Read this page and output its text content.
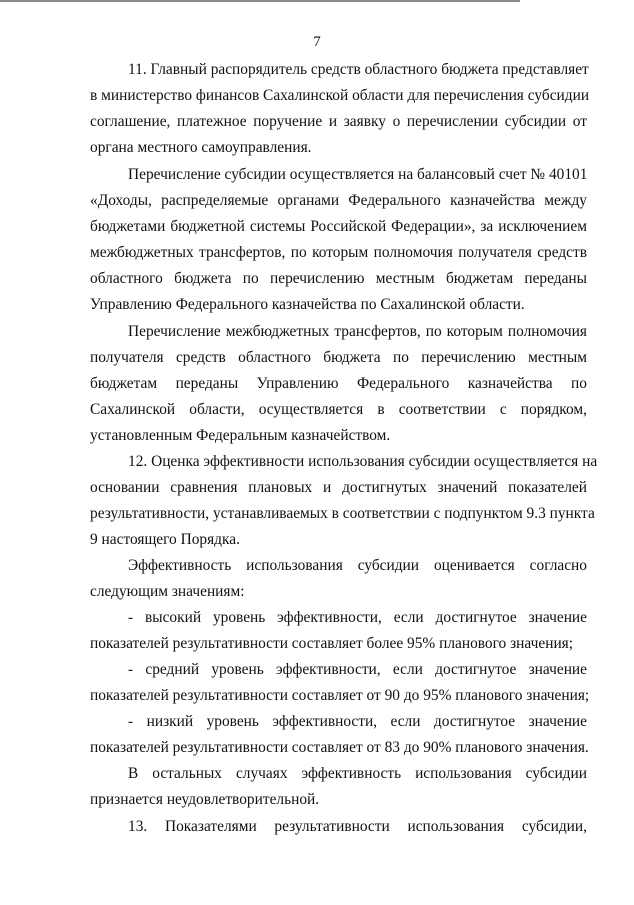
7
11. Главный распорядитель средств областного бюджета представляет
в министерство финансов Сахалинской области для перечисления субсидии
соглашение, платежное поручение и заявку о перечислении субсидии от
органа местного самоуправления.
Перечисление субсидии осуществляется на балансовый счет № 40101
«Доходы, распределяемые органами Федерального казначейства между
бюджетами бюджетной системы Российской Федерации», за исключением
межбюджетных трансфертов, по которым полномочия получателя средств
областного бюджета по перечислению местным бюджетам переданы
Управлению Федерального казначейства по Сахалинской области.
Перечисление межбюджетных трансфертов, по которым полномочия
получателя средств областного бюджета по перечислению местным
бюджетам переданы Управлению Федерального казначейства по
Сахалинской области, осуществляется в соответствии с порядком,
установленным Федеральным казначейством.
12. Оценка эффективности использования субсидии осуществляется на
основании сравнения плановых и достигнутых значений показателей
результативности, устанавливаемых в соответствии с подпунктом 9.3 пункта
9 настоящего Порядка.
Эффективность использования субсидии оценивается согласно
следующим значениям:
- высокий уровень эффективности, если достигнутое значение
показателей результативности составляет более 95% планового значения;
- средний уровень эффективности, если достигнутое значение
показателей результативности составляет от 90 до 95% планового значения;
- низкий уровень эффективности, если достигнутое значение
показателей результативности составляет от 83 до 90% планового значения.
В остальных случаях эффективность использования субсидии
признается неудовлетворительной.
13. Показателями результативности использования субсидии,
